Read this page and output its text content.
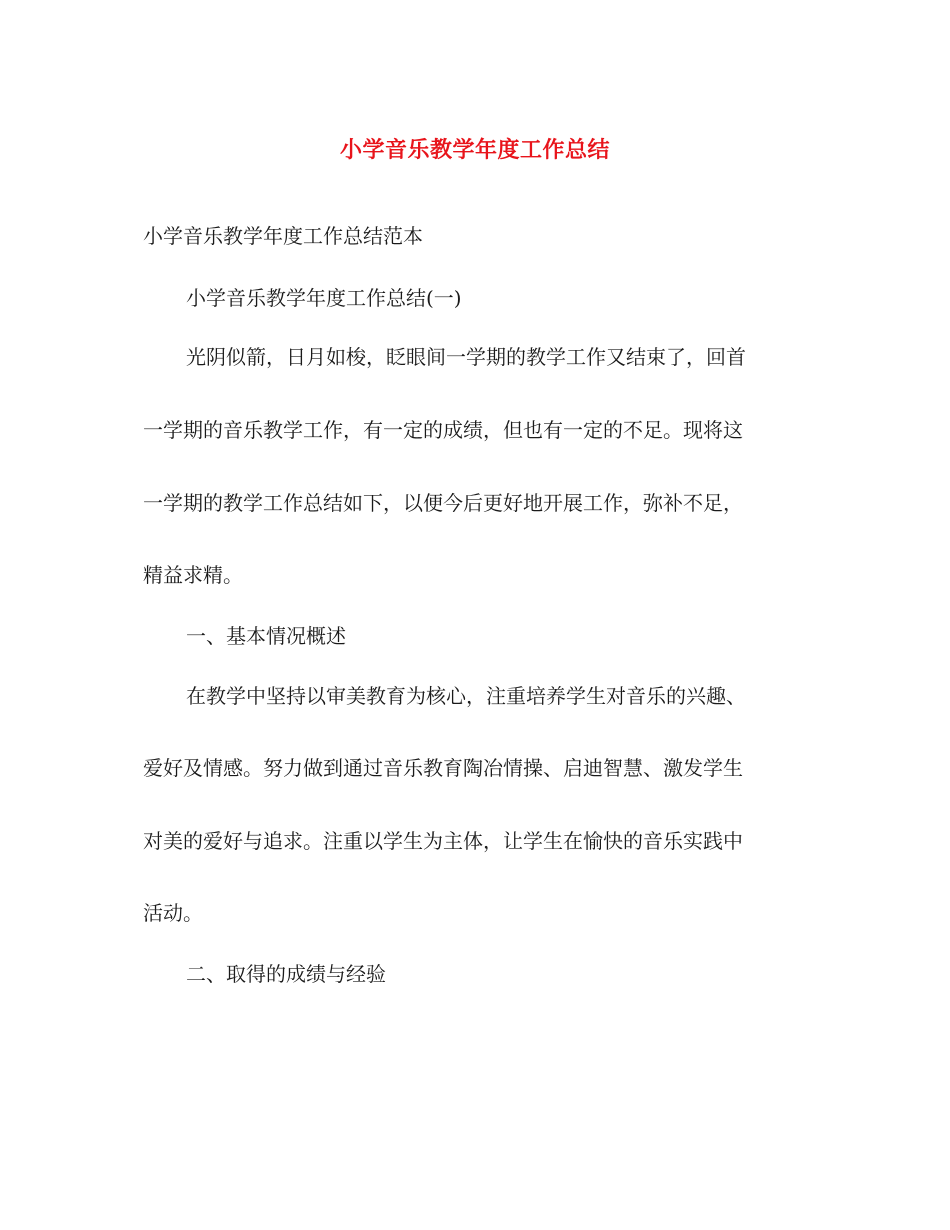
小学音乐教学年度工作总结
小学音乐教学年度工作总结范本
小学音乐教学年度工作总结(一)
光阴似箭，日月如梭，眨眼间一学期的教学工作又结束了，回首
一学期的音乐教学工作，有一定的成绩，但也有一定的不足。现将这
一学期的教学工作总结如下，以便今后更好地开展工作，弥补不足，
精益求精。
一、基本情况概述
在教学中坚持以审美教育为核心，注重培养学生对音乐的兴趣、
爱好及情感。努力做到通过音乐教育陶冶情操、启迪智慧、激发学生
对美的爱好与追求。注重以学生为主体，让学生在愉快的音乐实践中
活动。
二、取得的成绩与经验
